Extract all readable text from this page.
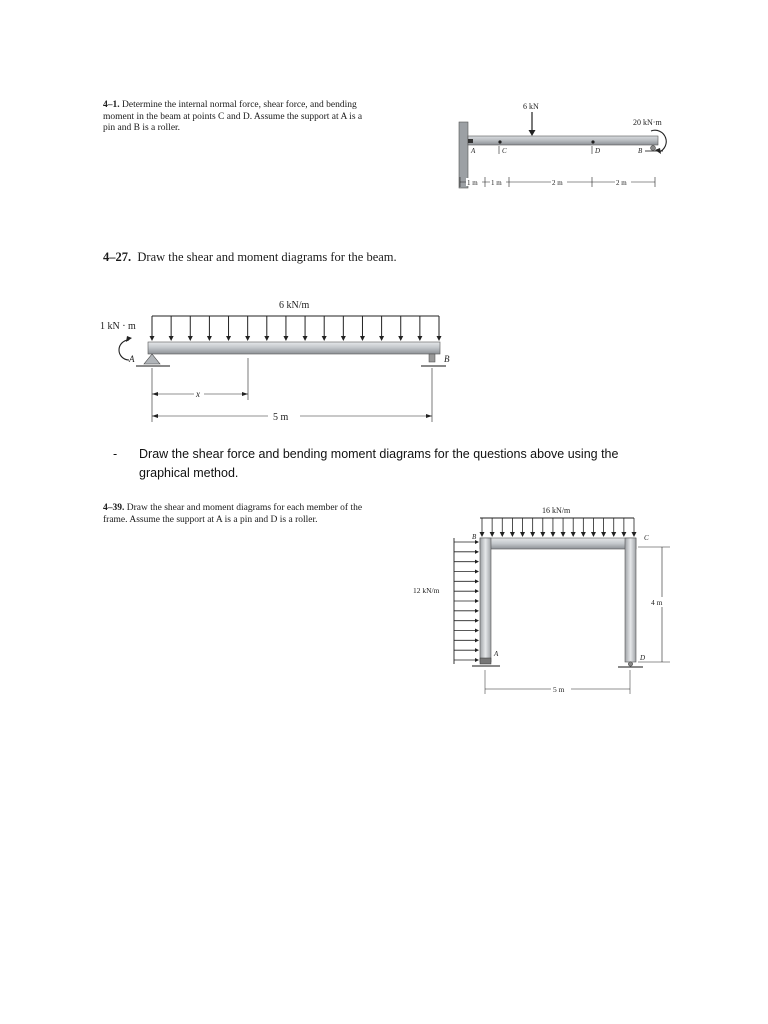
4–1. Determine the internal normal force, shear force, and bending moment in the beam at points C and D. Assume the support at A is a pin and B is a roller.
6 kN
20 kN·m
A	C	D	B
1 m 1 m	2 m	2 m
4–27. Draw the shear and moment diagrams for the beam.
6 kN/m
A
1 kN · m
B
x
5 m
- Draw the shear force and bending moment diagrams for the questions above using the graphical method.
4–39. Draw the shear and moment diagrams for each member of the frame. Assume the support at A is a pin and D is a roller.
16 kN/m
12 kN/m
A	D
B	C
4 m
5 m
